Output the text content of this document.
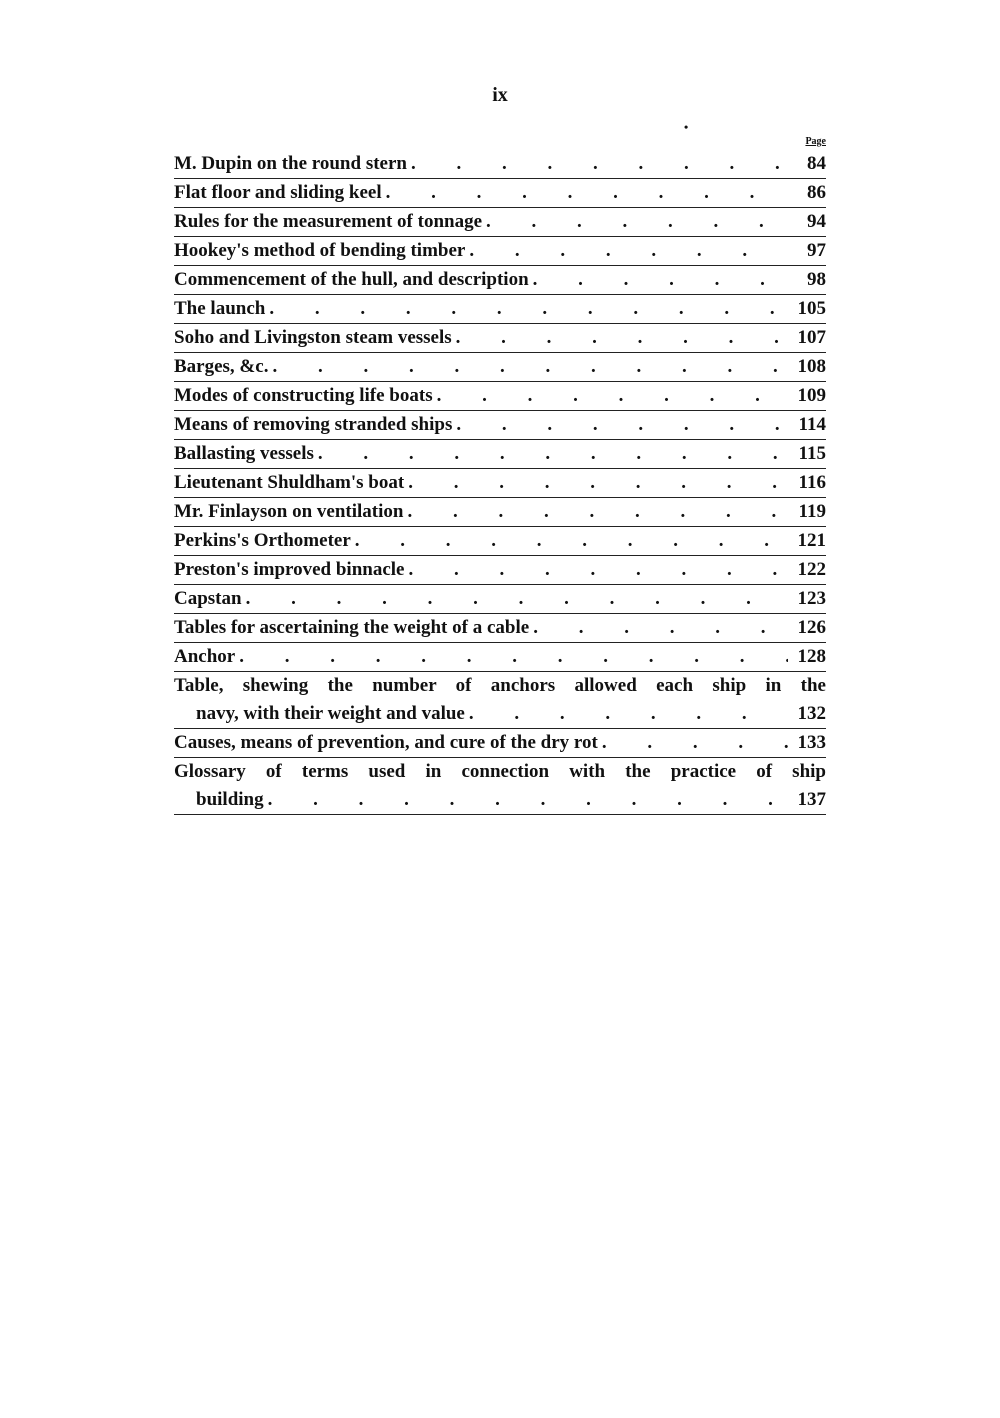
ix
•
Page
M. Dupin on the round stern . . .	84
Flat floor and sliding keel . . .	86
Rules for the measurement of tonnage . . .	94
Hookey's method of bending timber . . .	97
Commencement of the hull, and description . . .	98
The launch . . .	105
Soho and Livingston steam vessels . . .	107
Barges, &c. . . .	108
Modes of constructing life boats . . .	109
Means of removing stranded ships . . .	114
Ballasting vessels . . .	115
Lieutenant Shuldham's boat . . .	116
Mr. Finlayson on ventilation . . .	119
Perkins's Orthometer . . .	121
Preston's improved binnacle . . .	122
Capstan . . .	123
Tables for ascertaining the weight of a cable . . .	126
Anchor . . .	128
Table, shewing the number of anchors allowed each ship in the
navy, with their weight and value . . .	132
Causes, means of prevention, and cure of the dry rot . . .	133
Glossary of terms used in connection with the practice of ship
building . . .	137
